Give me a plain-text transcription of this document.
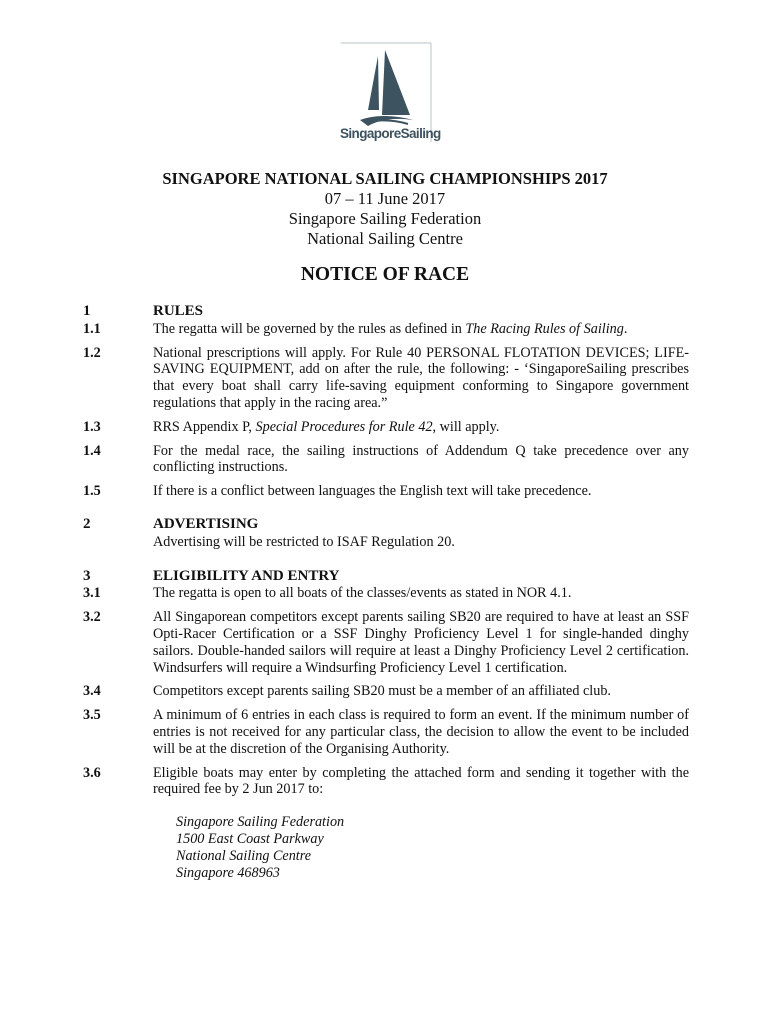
SingaporeSailing
SINGAPORE NATIONAL SAILING CHAMPIONSHIPS 2017
07 – 11 June 2017
Singapore Sailing Federation
National Sailing Centre
NOTICE OF RACE
1	RULES
1.1	The regatta will be governed by the rules as defined in The Racing Rules of Sailing.
1.2	National prescriptions will apply. For Rule 40 PERSONAL FLOTATION DEVICES; LIFE-SAVING EQUIPMENT, add on after the rule, the following: - ‘SingaporeSailing prescribes that every boat shall carry life-saving equipment conforming to Singapore government regulations that apply in the racing area.”
1.3	RRS Appendix P, Special Procedures for Rule 42, will apply.
1.4	For the medal race, the sailing instructions of Addendum Q take precedence over any conflicting instructions.
1.5	If there is a conflict between languages the English text will take precedence.
2	ADVERTISING
Advertising will be restricted to ISAF Regulation 20.
3	ELIGIBILITY AND ENTRY
3.1	The regatta is open to all boats of the classes/events as stated in NOR 4.1.
3.2	All Singaporean competitors except parents sailing SB20 are required to have at least an SSF Opti-Racer Certification or a SSF Dinghy Proficiency Level 1 for single-handed dinghy sailors. Double-handed sailors will require at least a Dinghy Proficiency Level 2 certification. Windsurfers will require a Windsurfing Proficiency Level 1 certification.
3.4	Competitors except parents sailing SB20 must be a member of an affiliated club.
3.5	A minimum of 6 entries in each class is required to form an event. If the minimum number of entries is not received for any particular class, the decision to allow the event to be included will be at the discretion of the Organising Authority.
3.6	Eligible boats may enter by completing the attached form and sending it together with the required fee by 2 Jun 2017 to:
Singapore Sailing Federation
1500 East Coast Parkway
National Sailing Centre
Singapore 468963
